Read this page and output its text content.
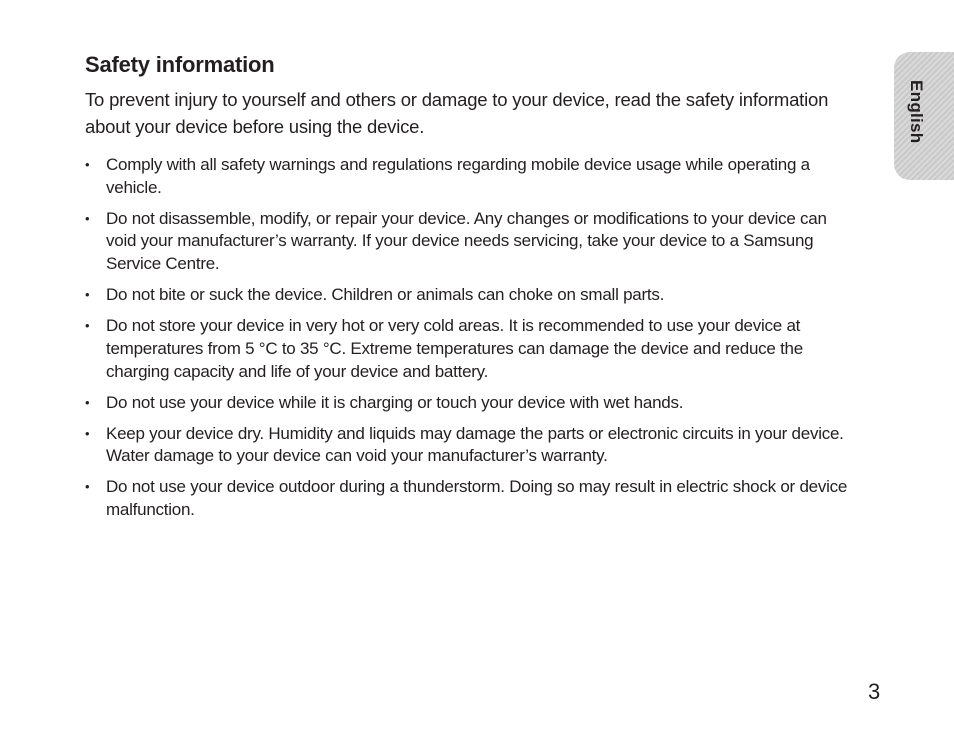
Safety information

To prevent injury to yourself and others or damage to your device, read the safety information about your device before using the device.

• Comply with all safety warnings and regulations regarding mobile device usage while operating a vehicle.
• Do not disassemble, modify, or repair your device. Any changes or modifications to your device can void your manufacturer’s warranty. If your device needs servicing, take your device to a Samsung Service Centre.
• Do not bite or suck the device. Children or animals can choke on small parts.
• Do not store your device in very hot or very cold areas. It is recommended to use your device at temperatures from 5 °C to 35 °C. Extreme temperatures can damage the device and reduce the charging capacity and life of your device and battery.
• Do not use your device while it is charging or touch your device with wet hands.
• Keep your device dry. Humidity and liquids may damage the parts or electronic circuits in your device. Water damage to your device can void your manufacturer’s warranty.
• Do not use your device outdoor during a thunderstorm. Doing so may result in electric shock or device malfunction.
English
3
